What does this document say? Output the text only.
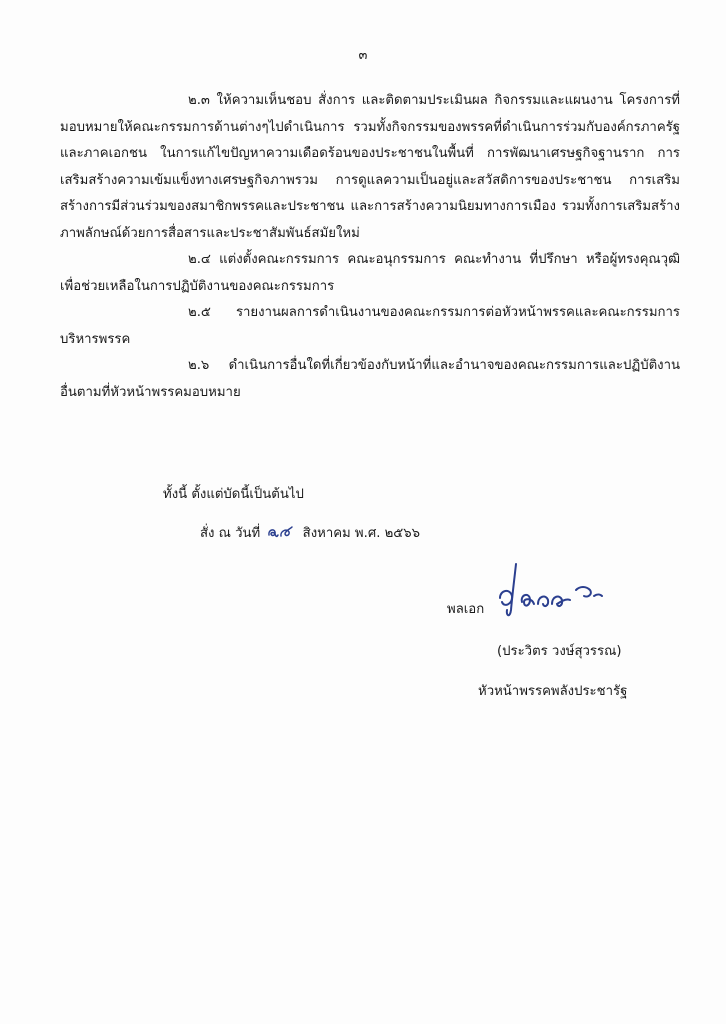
๓

๒.๓ ให้ความเห็นชอบ สั่งการ และติดตามประเมินผล กิจกรรมและแผนงาน โครงการที่มอบหมายให้คณะกรรมการด้านต่างๆไปดำเนินการ รวมทั้งกิจกรรมของพรรคที่ดำเนินการร่วมกับองค์กรภาครัฐและภาคเอกชน ในการแก้ไขปัญหาความเดือดร้อนของประชาชนในพื้นที่ การพัฒนาเศรษฐกิจฐานราก การเสริมสร้างความเข้มแข็งทางเศรษฐกิจภาพรวม การดูแลความเป็นอยู่และสวัสดิการของประชาชน การเสริมสร้างการมีส่วนร่วมของสมาชิกพรรคและประชาชน และการสร้างความนิยมทางการเมือง รวมทั้งการเสริมสร้างภาพลักษณ์ด้วยการสื่อสารและประชาสัมพันธ์สมัยใหม่

๒.๔ แต่งตั้งคณะกรรมการ คณะอนุกรรมการ คณะทำงาน ที่ปรึกษา หรือผู้ทรงคุณวุฒิ เพื่อช่วยเหลือในการปฏิบัติงานของคณะกรรมการ

๒.๕ รายงานผลการดำเนินงานของคณะกรรมการต่อหัวหน้าพรรคและคณะกรรมการบริหารพรรค

๒.๖ ดำเนินการอื่นใดที่เกี่ยวข้องกับหน้าที่และอำนาจของคณะกรรมการและปฏิบัติงานอื่นตามที่หัวหน้าพรรคมอบหมาย

ทั้งนี้ ตั้งแต่บัดนี้เป็นต้นไป
สั่ง ณ วันที่	สิงหาคม พ.ศ. ๒๕๖๖
พลเอก
(ประวิตร วงษ์สุวรรณ)
หัวหน้าพรรคพลังประชารัฐ
